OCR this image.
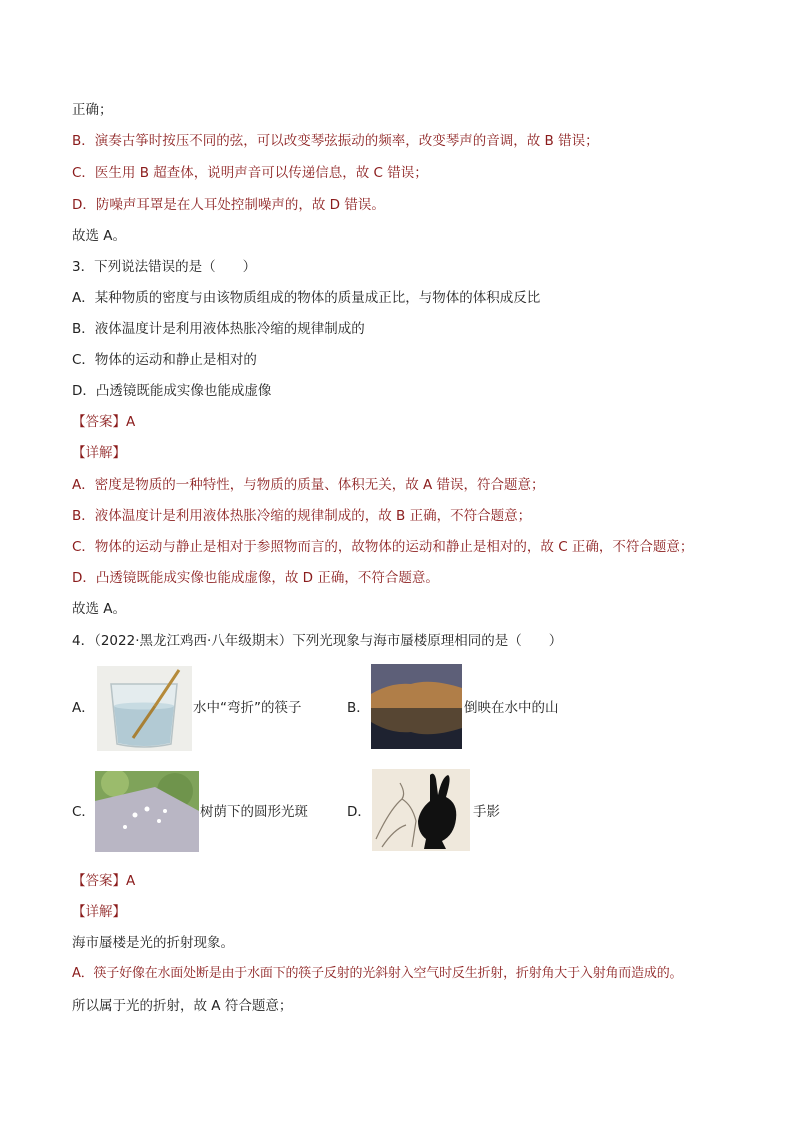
正确；
B．演奏古筝时按压不同的弦，可以改变琴弦振动的频率，改变琴声的音调，故 B 错误；
C．医生用 B 超查体，说明声音可以传递信息，故 C 错误；
D．防噪声耳罩是在人耳处控制噪声的，故 D 错误。
故选 A。
3．下列说法错误的是（　　）
A．某种物质的密度与由该物质组成的物体的质量成正比，与物体的体积成反比
B．液体温度计是利用液体热胀冷缩的规律制成的
C．物体的运动和静止是相对的
D．凸透镜既能成实像也能成虚像
【答案】A
【详解】
A．密度是物质的一种特性，与物质的质量、体积无关，故 A 错误，符合题意；
B．液体温度计是利用液体热胀冷缩的规律制成的，故 B 正确，不符合题意；
C．物体的运动与静止是相对于参照物而言的，故物体的运动和静止是相对的，故 C 正确，不符合题意；
D．凸透镜既能成实像也能成虚像，故 D 正确，不符合题意。
故选 A。
4．（2022·黑龙江鸡西·八年级期末）下列光现象与海市蜃楼原理相同的是（　　）
A．	水中“弯折”的筷子	B．	倒映在水中的山
C．	树荫下的圆形光斑	D．	手影
【答案】A
【详解】
海市蜃楼是光的折射现象。
A．筷子好像在水面处断是由于水面下的筷子反射的光斜射入空气时反生折射，折射角大于入射角而造成的。
所以属于光的折射，故 A 符合题意；
